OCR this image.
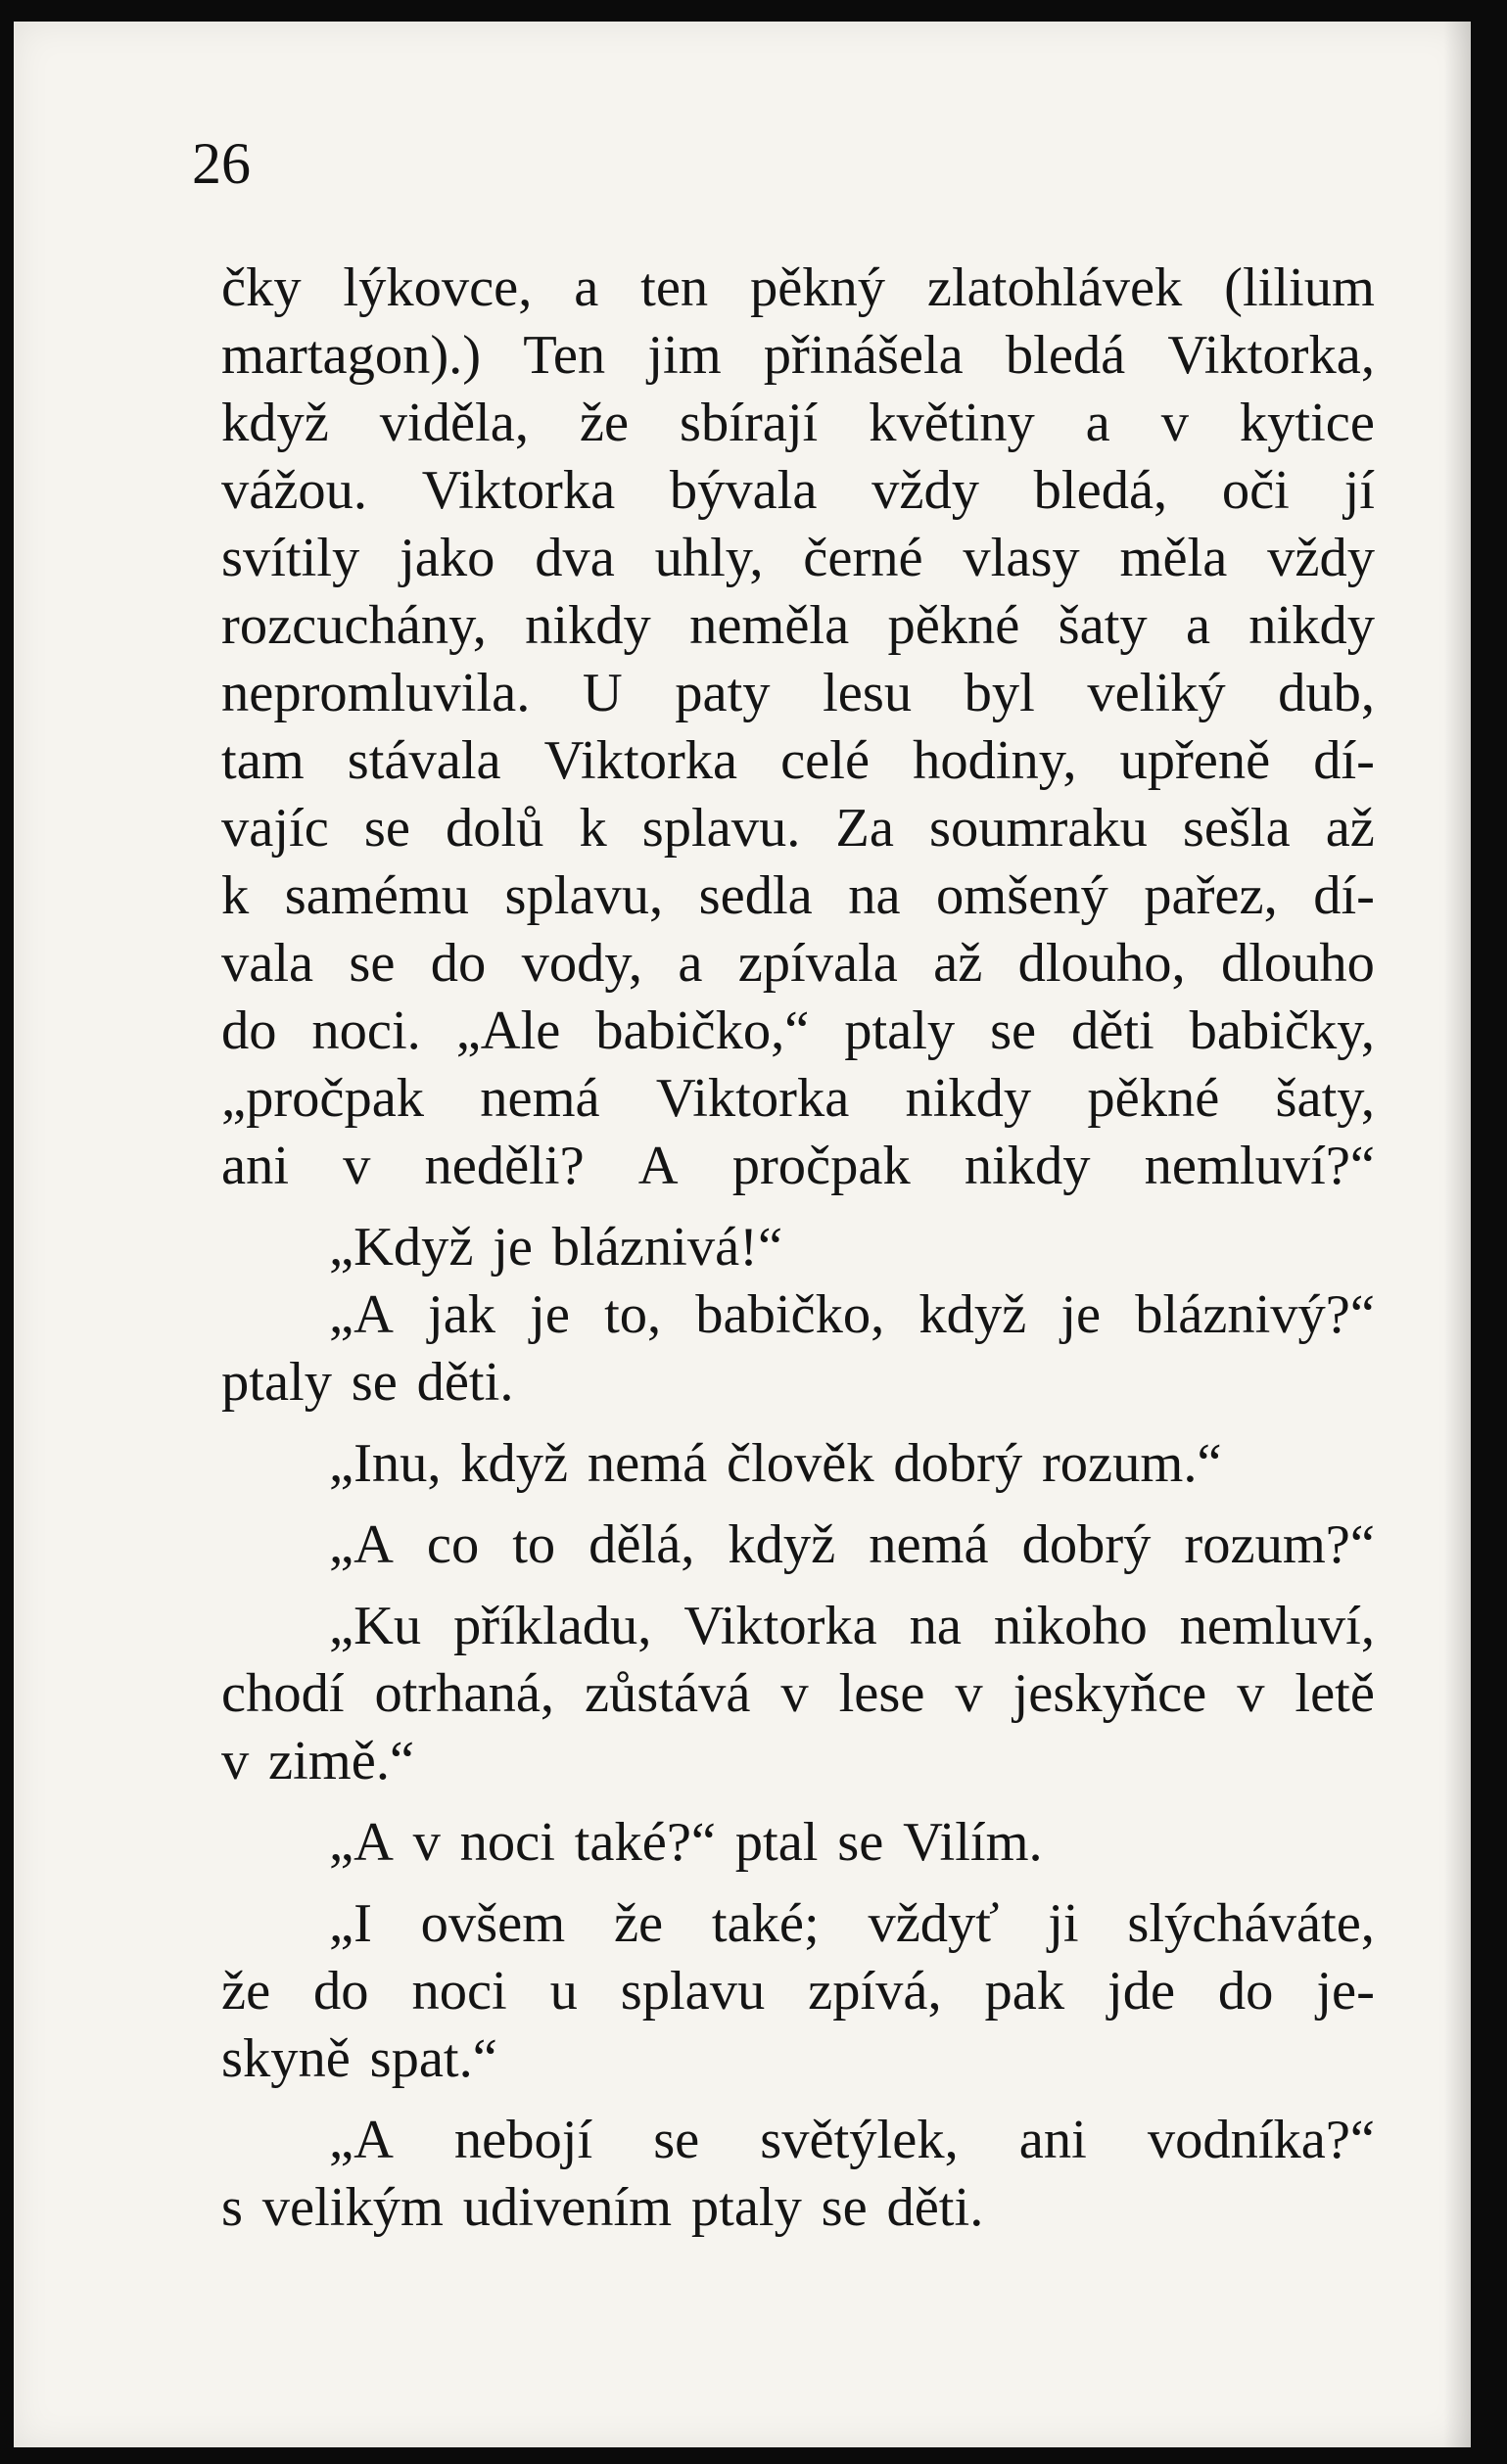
26
čky lýkovce, a ten pěkný zlatohlávek (lilium
martagon).) Ten jim přinášela bledá Viktorka,
když viděla, že sbírají květiny a v kytice
vážou. Viktorka bývala vždy bledá, oči jí
svítily jako dva uhly, černé vlasy měla vždy
rozcuchány, nikdy neměla pěkné šaty a nikdy
nepromluvila. U paty lesu byl veliký dub,
tam stávala Viktorka celé hodiny, upřeně dí-
vajíc se dolů k splavu. Za soumraku sešla až
k samému splavu, sedla na omšený pařez, dí-
vala se do vody, a zpívala až dlouho, dlouho
do noci. „Ale babičko,“ ptaly se děti babičky,
„pročpak nemá Viktorka nikdy pěkné šaty,
ani v neděli? A pročpak nikdy nemluví?“
„Když je bláznivá!“
„A jak je to, babičko, když je bláznivý?“
ptaly se děti.
„Inu, když nemá člověk dobrý rozum.“
„A co to dělá, když nemá dobrý rozum?“
„Ku příkladu, Viktorka na nikoho nemluví,
chodí otrhaná, zůstává v lese v jeskyňce v letě
v zimě.“
„A v noci také?“ ptal se Vilím.
„I ovšem že také; vždyť ji slýcháváte,
že do noci u splavu zpívá, pak jde do je-
skyně spat.“
„A nebojí se světýlek, ani vodníka?“
s velikým udivením ptaly se děti.
